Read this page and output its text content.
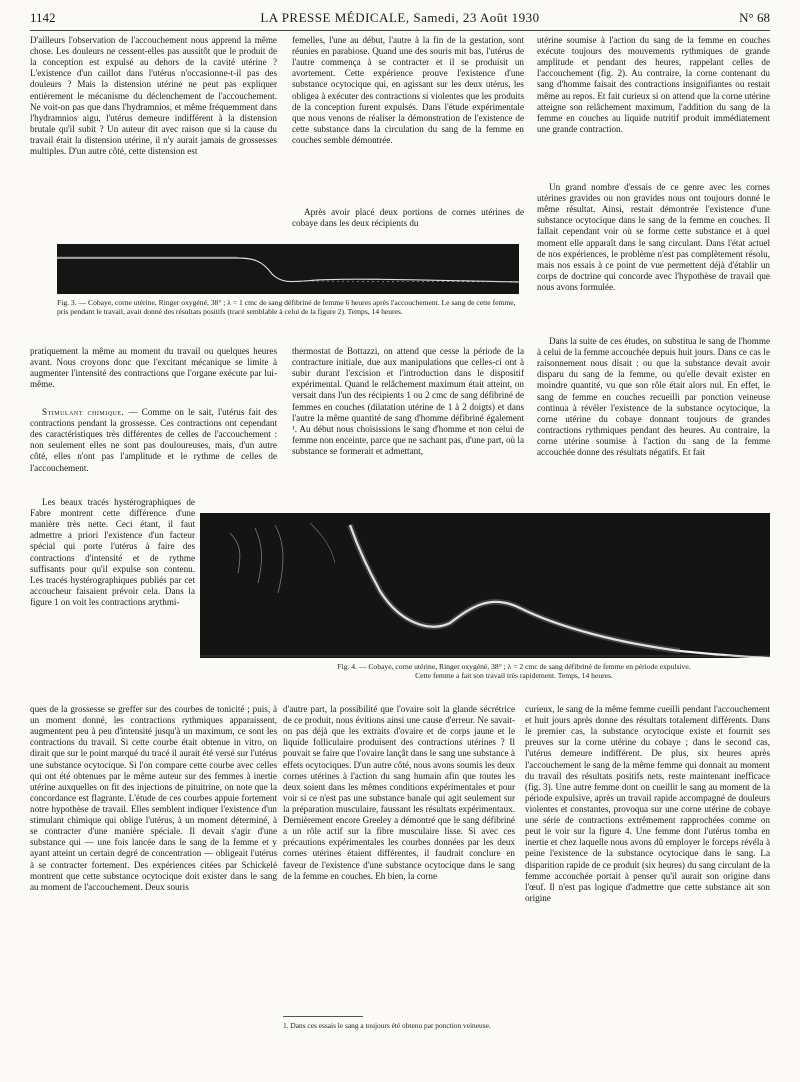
1142	LA PRESSE MÉDICALE, Samedi, 23 Août 1930	N° 68

D'ailleurs l'observation de l'accouchement nous apprend la même chose. Les douleurs ne cessent-elles pas aussitôt que le produit de la conception est expulsé au dehors de la cavité utérine ? L'existence d'un caillot dans l'utérus n'occasionne-t-il pas des douleurs ? Mais la distension utérine ne peut pas expliquer entièrement le mécanisme du déclenchement de l'accouchement. Ne voit-on pas que dans l'hydramnios, et même fréquemment dans l'hydramnios aigu, l'utérus demeure indifférent à la distension brutale qu'il subit ? Un auteur dit avec raison que si la cause du travail était la distension utérine, il n'y aurait jamais de grossesses multiples. D'un autre côté, cette distension est

femelles, l'une au début, l'autre à la fin de la gestation, sont réunies en parabiose. Quand une des souris mit bas, l'utérus de l'autre commença à se contracter et il se produisit un avortement. Cette expérience prouve l'existence d'une substance ocytocique qui, en agissant sur les deux utérus, les obligea à exécuter des contractions si violentes que les produits de la conception furent expulsés. Dans l'étude expérimentale que nous venons de réaliser la démonstration de l'existence de cette substance dans la circulation du sang de la femme en couches semble démontrée.

Après avoir placé deux portions de cornes utérines de cobaye dans les deux récipients du

utérine soumise à l'action du sang de la femme en couches exécute toujours des mouvements rythmiques de grande amplitude et pendant des heures, rappelant celles de l'accouchement (fig. 2). Au contraire, la corne contenant du sang d'homme faisait des contractions insignifiantes ou restait même au repos. Et fait curieux si on attend que la corne utérine atteigne son relâchement maximum, l'addition du sang de la femme en couches au liquide nutritif produit immédiatement une grande contraction.

Un grand nombre d'essais de ce genre avec les cornes utérines gravides ou non gravides nous ont toujours donné le même résultat. Ainsi, restait démontrée l'existence d'une substance ocytocique dans le sang de la femme en couches. Il fallait cependant voir où se forme cette substance et à quel moment elle apparaît dans le sang circulant. Dans l'état actuel de nos expériences, le problème n'est pas complètement résolu, mais nos essais à ce point de vue permettent déjà d'établir un corps de doctrine qui concorde avec l'hypothèse de travail que nous avons formulée.

Dans la suite de ces études, on substitua le sang de l'homme à celui de la femme accouchée depuis huit jours. Dans ce cas le raisonnement nous disait : ou que la substance devait avoir disparu du sang de la femme, ou qu'elle devait exister en moindre quantité, vu que son rôle était alors nul. En effet, le sang de femme en couches recueilli par ponction veineuse continua à révéler l'existence de la substance ocytocique, la corne utérine du cobaye donnant toujours de grandes contractions rythmiques pendant des heures. Au contraire, la corne utérine soumise à l'action du sang de la femme accouchée donne des résultats négatifs. Et fait

Fig. 3. — Cobaye, corne utérine, Ringer oxygéné, 38° ; λ = 1 cmc de sang défibriné de femme 6 heures après l'accouchement. Le sang de cette femme, pris pendant le travail, avait donné des résultats positifs (tracé semblable à celui de la figure 2). Temps, 14 heures.

pratiquement la même au moment du travail ou quelques heures avant. Nous croyons donc que l'excitant mécanique se limite à augmenter l'intensité des contractions que l'organe exécute par lui-même.

Stimulant chimique. — Comme on le sait, l'utérus fait des contractions pendant la grossesse. Ces contractions ont cependant des caractéristiques très différentes de celles de l'accouchement : non seulement elles ne sont pas douloureuses, mais, d'un autre côté, elles n'ont pas l'amplitude et le rythme de celles de l'accouchement.

Les beaux tracés hystérographiques de Fabre montrent cette différence d'une manière très nette. Ceci étant, il faut admettre a priori l'existence d'un facteur spécial qui porte l'utérus à faire des contractions d'intensité et de rythme suffisants pour qu'il expulse son contenu. Les tracés hystérographiques publiés par cet accoucheur faisaient prévoir cela. Dans la figure 1 on voit les contractions arythmi-

thermostat de Bottazzi, on attend que cesse la période de la contracture initiale, due aux manipulations que celles-ci ont à subir durant l'excision et l'introduction dans le dispositif expérimental. Quand le relâchement maximum était atteint, on versait dans l'un des récipients 1 ou 2 cmc de sang défibriné de femmes en couches (dilatation utérine de 1 à 2 doigts) et dans l'autre la même quantité de sang d'homme défibriné également ¹. Au début nous choisissions le sang d'homme et non celui de femme non enceinte, parce que ne sachant pas, d'une part, où la substance se formerait et admettant,

Fig. 4. — Cobaye, corne utérine, Ringer oxygéné, 38° ; λ = 2 cmc de sang défibriné de femme en période expulsive.
Cette femme a fait son travail très rapidement. Temps, 14 heures.

ques de la grossesse se greffer sur des courbes de tonicité ; puis, à un moment donné, les contractions rythmiques apparaissent, augmentent peu à peu d'intensité jusqu'à un maximum, ce sont les contractions du travail. Si cette courbe était obtenue in vitro, on dirait que sur le point marqué du tracé il aurait été versé sur l'utérus une substance ocytocique. Si l'on compare cette courbe avec celles qui ont été obtenues par le même auteur sur des femmes à inertie utérine auxquelles on fit des injections de pituitrine, on note que la concordance est flagrante. L'étude de ces courbes appuie fortement notre hypothèse de travail. Elles semblent indiquer l'existence d'un stimulant chimique qui oblige l'utérus, à un moment déterminé, à se contracter d'une manière spéciale. Il devait s'agir d'une substance qui — une fois lancée dans le sang de la femme et y ayant atteint un certain degré de concentration — obligeait l'utérus à se contracter fortement. Des expériences citées par Schickelé montrent que cette substance ocytocique doit exister dans le sang au moment de l'accouchement. Deux souris

d'autre part, la possibilité que l'ovaire soit la glande sécrétrice de ce produit, nous évitions ainsi une cause d'erreur. Ne savait-on pas déjà que les extraits d'ovaire et de corps jaune et le liquide folliculaire produisent des contractions utérines ? Il pouvait se faire que l'ovaire lançât dans le sang une substance à effets ocytociques. D'un autre côté, nous avons soumis les deux cornes utérines à l'action du sang humain afin que toutes les deux soient dans les mêmes conditions expérimentales et pour voir si ce n'est pas une substance banale qui agit seulement sur la préparation musculaire, faussant les résultats expérimentaux. Dernièrement encore Greeley a démontré que le sang défibriné a un rôle actif sur la fibre musculaire lisse. Si avec ces précautions expérimentales les courbes données par les deux cornes utérines étaient différentes, il faudrait conclure en faveur de l'existence d'une substance ocytocique dans le sang de la femme en couches. Eh bien, la corne

1. Dans ces essais le sang a toujours été obtenu par ponction veineuse.

curieux, le sang de la même femme cueilli pendant l'accouchement et huit jours après donne des résultats totalement différents. Dans le premier cas, la substance ocytocique existe et fournit ses preuves sur la corne utérine du cobaye ; dans le second cas, l'utérus demeure indifférent. De plus, six heures après l'accouchement le sang de la même femme qui donnait au moment du travail des résultats positifs nets, reste maintenant inefficace (fig. 3). Une autre femme dont on cueillit le sang au moment de la période expulsive, après un travail rapide accompagné de douleurs violentes et constantes, provoqua sur une corne utérine de cobaye une série de contractions extrêmement rapprochées comme on peut le voir sur la figure 4. Une femme dont l'utérus tomba en inertie et chez laquelle nous avons dû employer le forceps révéla à peine l'existence de la substance ocytocique dans le sang. La disparition rapide de ce produit (six heures) du sang circulant de la femme accouchée portait à penser qu'il aurait son origine dans l'œuf. Il n'est pas logique d'admettre que cette substance ait son origine
